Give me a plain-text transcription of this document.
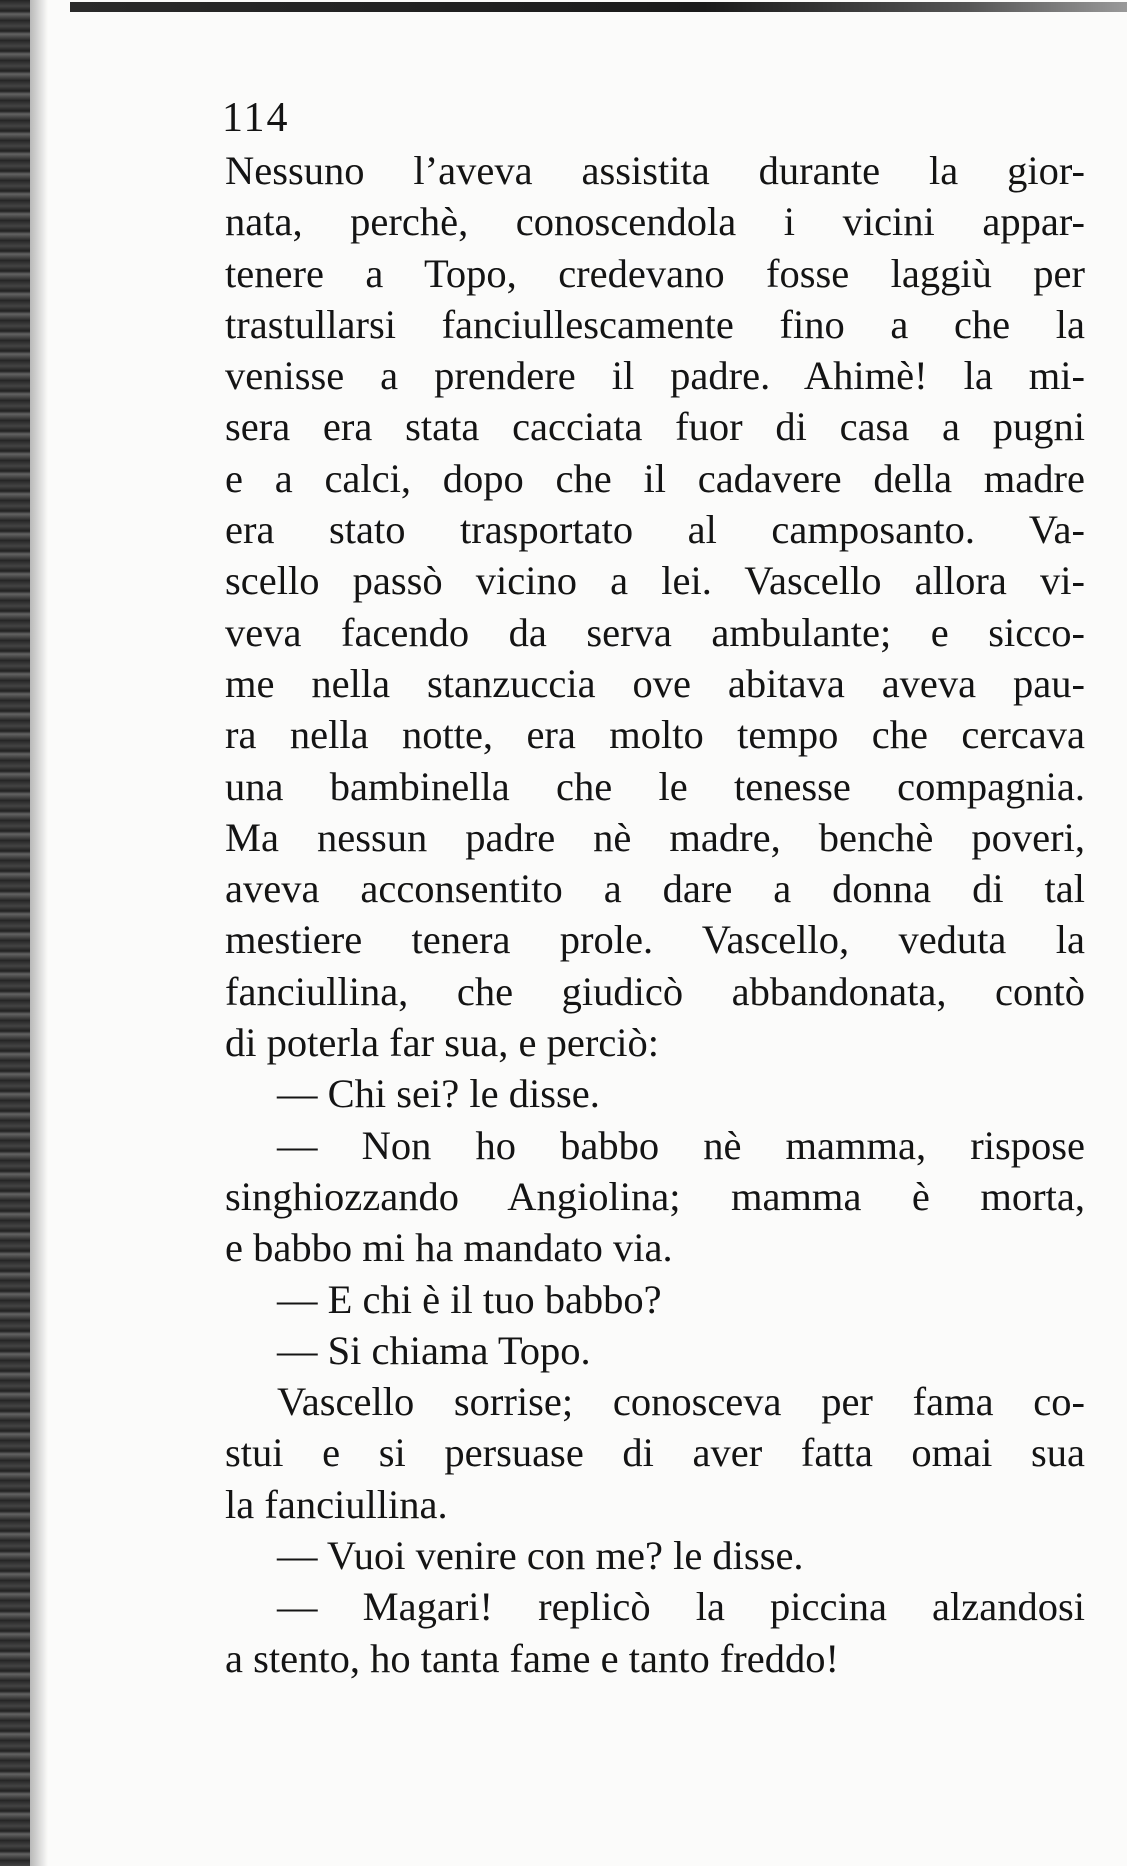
114
Nessuno l’aveva assistita durante la gior-
nata, perchè, conoscendola i vicini appar-
tenere a Topo, credevano fosse laggiù per
trastullarsi fanciullescamente fino a che la
venisse a prendere il padre. Ahimè! la mi-
sera era stata cacciata fuor di casa a pugni
e a calci, dopo che il cadavere della madre
era stato trasportato al camposanto. Va-
scello passò vicino a lei. Vascello allora vi-
veva facendo da serva ambulante; e sicco-
me nella stanzuccia ove abitava aveva pau-
ra nella notte, era molto tempo che cercava
una bambinella che le tenesse compagnia.
Ma nessun padre nè madre, benchè poveri,
aveva acconsentito a dare a donna di tal
mestiere tenera prole. Vascello, veduta la
fanciullina, che giudicò abbandonata, contò
di poterla far sua, e perciò:
— Chi sei? le disse.
— Non ho babbo nè mamma, rispose
singhiozzando Angiolina; mamma è morta,
e babbo mi ha mandato via.
— E chi è il tuo babbo?
— Si chiama Topo.
Vascello sorrise; conosceva per fama co-
stui e si persuase di aver fatta omai sua
la fanciullina.
— Vuoi venire con me? le disse.
— Magari! replicò la piccina alzandosi
a stento, ho tanta fame e tanto freddo!
